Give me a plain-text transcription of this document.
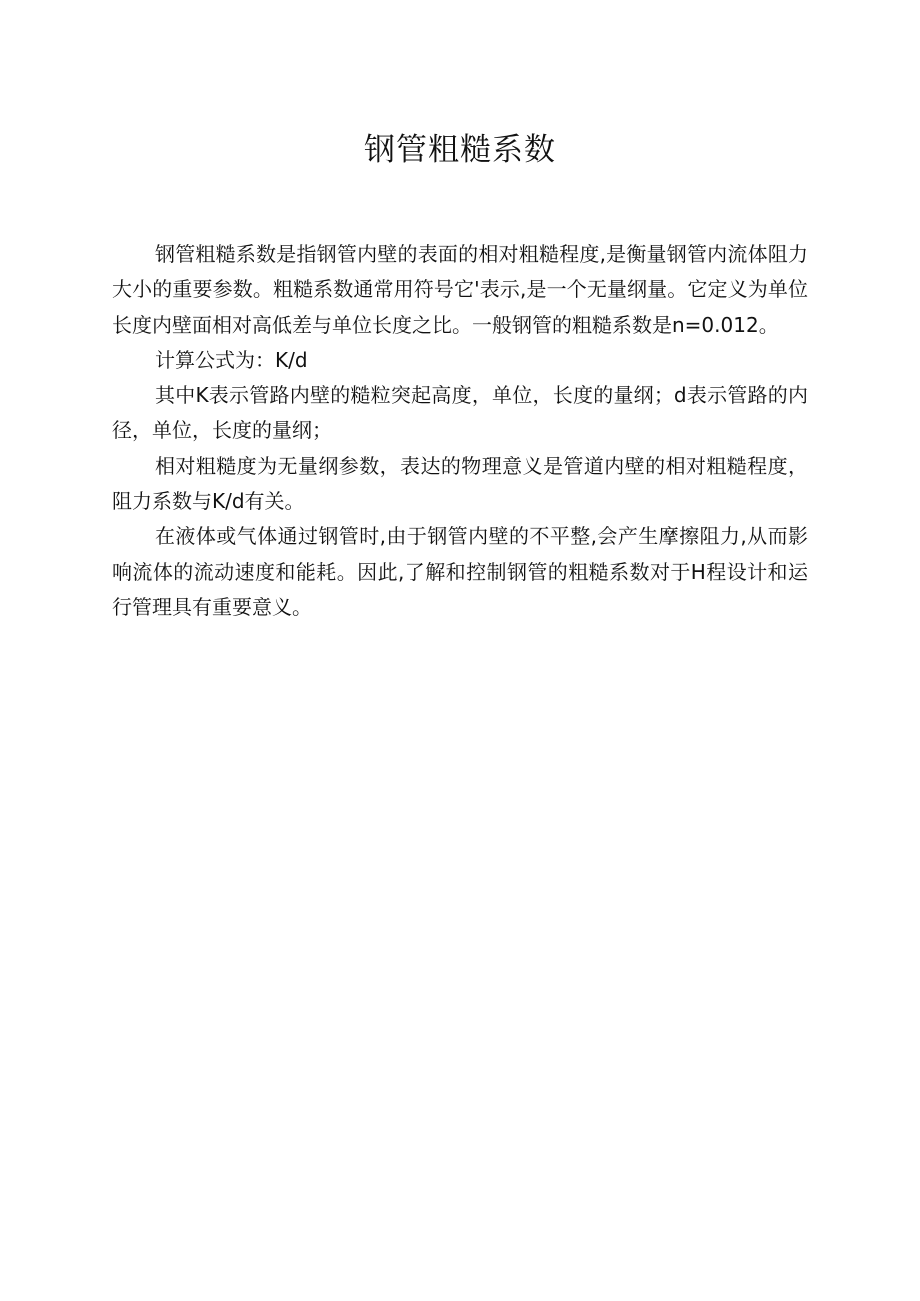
钢管粗糙系数

钢管粗糙系数是指钢管内壁的表面的相对粗糙程度,是衡量钢管内流体阻力大小的重要参数。粗糙系数通常用符号它'表示,是一个无量纲量。它定义为单位长度内壁面相对高低差与单位长度之比。一般钢管的粗糙系数是n=0.012。

计算公式为：K/d

其中K表示管路内壁的糙粒突起高度，单位，长度的量纲；d表示管路的内径，单位，长度的量纲；

相对粗糙度为无量纲参数，表达的物理意义是管道内壁的相对粗糙程度，阻力系数与K/d有关。

在液体或气体通过钢管时,由于钢管内壁的不平整,会产生摩擦阻力,从而影响流体的流动速度和能耗。因此,了解和控制钢管的粗糙系数对于H程设计和运行管理具有重要意义。
